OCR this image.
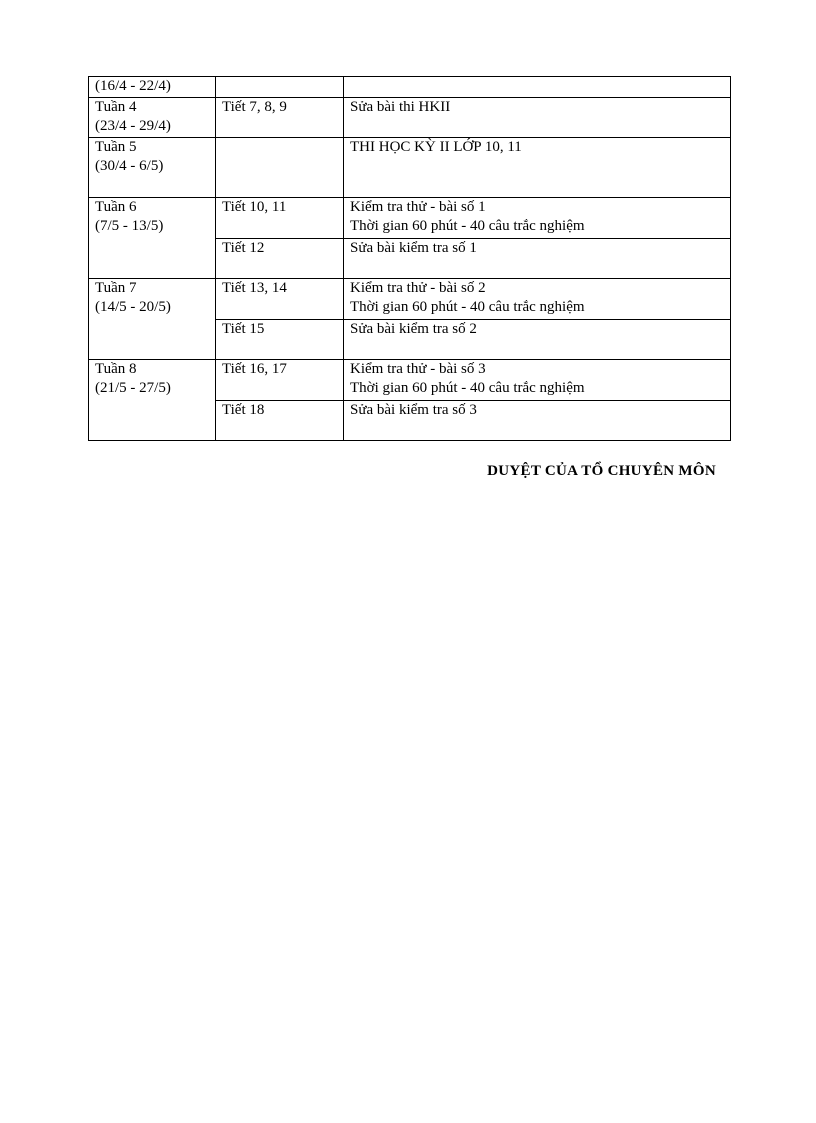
(16/4 - 22/4)		

Tuần 4
(23/4 - 29/4)	Tiết 7, 8, 9	Sửa bài thi HKII

Tuần 5
(30/4 - 6/5)		THI HỌC KỲ II LỚP 10, 11

Tuần 6
(7/5 - 13/5)	Tiết 10, 11	Kiểm tra thử - bài số 1
Thời gian 60 phút - 40 câu trắc nghiệm

	Tiết 12	Sửa bài kiểm tra số 1

Tuần 7
(14/5 - 20/5)	Tiết 13, 14	Kiểm tra thử - bài số 2
Thời gian 60 phút - 40 câu trắc nghiệm

	Tiết 15	Sửa bài kiểm tra số 2

Tuần 8
(21/5 - 27/5)	Tiết 16, 17	Kiểm tra thử - bài số 3
Thời gian 60 phút - 40 câu trắc nghiệm

	Tiết 18	Sửa bài kiểm tra số 3
DUYỆT CỦA TỔ CHUYÊN MÔN
